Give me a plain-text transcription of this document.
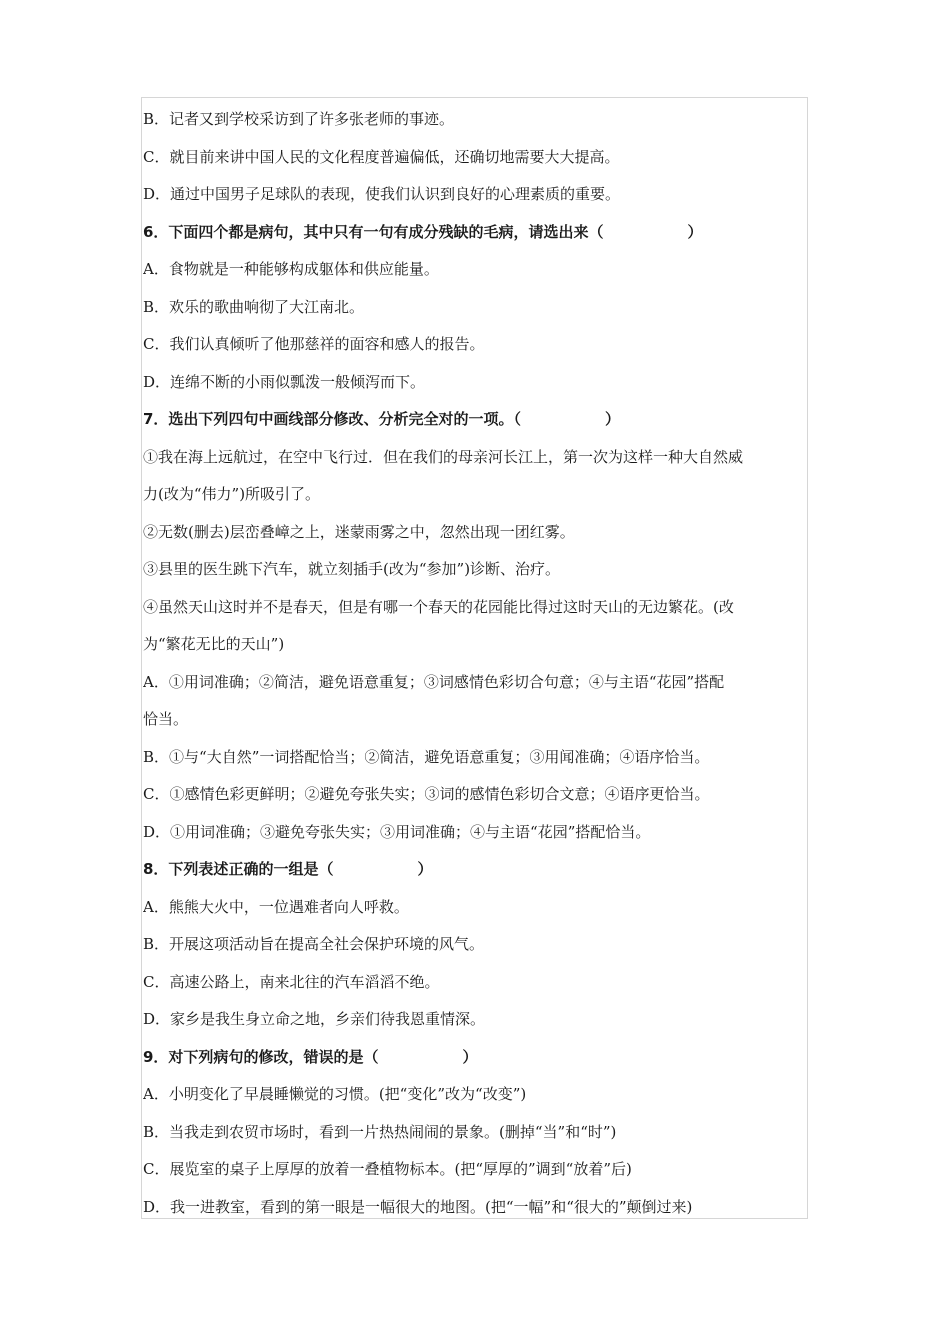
B．记者又到学校采访到了许多张老师的事迹。
C．就目前来讲中国人民的文化程度普遍偏低，还确切地需要大大提高。
D．通过中国男子足球队的表现，使我们认识到良好的心理素质的重要。
6．下面四个都是病句，其中只有一句有成分残缺的毛病，请选出来（	）
A．食物就是一种能够构成躯体和供应能量。
B．欢乐的歌曲响彻了大江南北。
C．我们认真倾听了他那慈祥的面容和感人的报告。
D．连绵不断的小雨似瓢泼一般倾泻而下。
7．选出下列四句中画线部分修改、分析完全对的一项。（	）
①我在海上远航过，在空中飞行过．但在我们的母亲河长江上，第一次为这样一种大自然威
力(改为“伟力”)所吸引了。
②无数(删去)层峦叠嶂之上，迷蒙雨雾之中，忽然出现一团红雾。
③县里的医生跳下汽车，就立刻插手(改为“参加”)诊断、治疗。
④虽然天山这时并不是春天，但是有哪一个春天的花园能比得过这时天山的无边繁花。(改
为“繁花无比的天山”)
A．①用词准确；②简洁，避免语意重复；③词感情色彩切合句意；④与主语“花园”搭配
恰当。
B．①与“大自然”一词搭配恰当；②简洁，避免语意重复；③用闻准确；④语序恰当。
C．①感情色彩更鲜明；②避免夸张失实；③词的感情色彩切合文意；④语序更恰当。
D．①用词准确；③避免夸张失实；③用词准确；④与主语“花园”搭配恰当。
8．下列表述正确的一组是（	）
A．熊熊大火中，一位遇难者向人呼救。
B．开展这项活动旨在提高全社会保护环境的风气。
C．高速公路上，南来北往的汽车滔滔不绝。
D．家乡是我生身立命之地，乡亲们待我恩重情深。
9．对下列病句的修改，错误的是（	）
A．小明变化了早晨睡懒觉的习惯。(把“变化”改为“改变”)
B．当我走到农贸市场时，看到一片热热闹闹的景象。(删掉“当”和“时”)
C．展览室的桌子上厚厚的放着一叠植物标本。(把“厚厚的”调到“放着”后)
D．我一进教室，看到的第一眼是一幅很大的地图。(把“一幅”和“很大的”颠倒过来)
